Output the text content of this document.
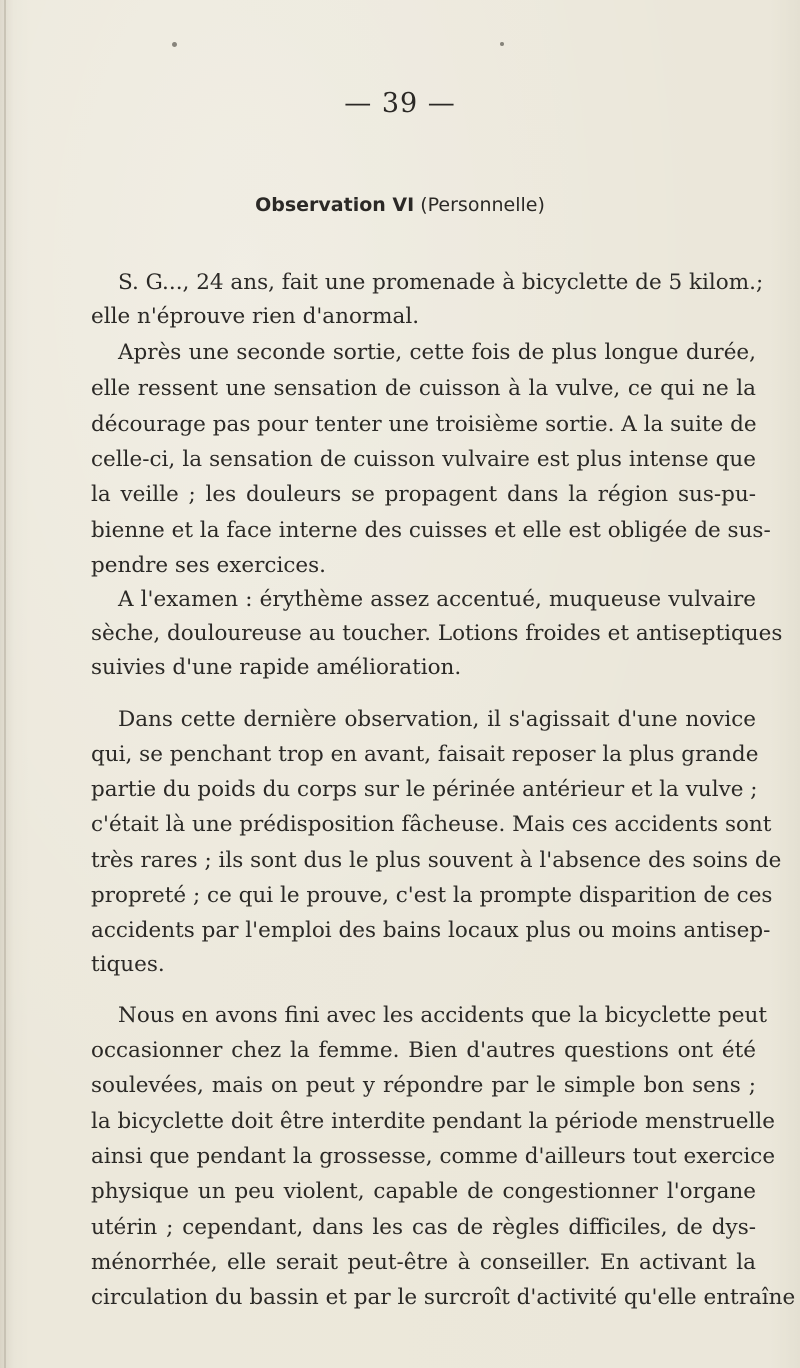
— 39 —
Observation VI (Personnelle)
S. G..., 24 ans, fait une promenade à bicyclette de 5 kilom.;
elle n'éprouve rien d'anormal.
Après une seconde sortie, cette fois de plus longue durée,
elle ressent une sensation de cuisson à la vulve, ce qui ne la
décourage pas pour tenter une troisième sortie. A la suite de
celle-ci, la sensation de cuisson vulvaire est plus intense que
la veille ; les douleurs se propagent dans la région sus-pu-
bienne et la face interne des cuisses et elle est obligée de sus-
pendre ses exercices.
A l'examen : érythème assez accentué, muqueuse vulvaire
sèche, douloureuse au toucher. Lotions froides et antiseptiques
suivies d'une rapide amélioration.
Dans cette dernière observation, il s'agissait d'une novice
qui, se penchant trop en avant, faisait reposer la plus grande
partie du poids du corps sur le périnée antérieur et la vulve ;
c'était là une prédisposition fâcheuse. Mais ces accidents sont
très rares ; ils sont dus le plus souvent à l'absence des soins de
propreté ; ce qui le prouve, c'est la prompte disparition de ces
accidents par l'emploi des bains locaux plus ou moins antisep-
tiques.
Nous en avons fini avec les accidents que la bicyclette peut
occasionner chez la femme. Bien d'autres questions ont été
soulevées, mais on peut y répondre par le simple bon sens ;
la bicyclette doit être interdite pendant la période menstruelle
ainsi que pendant la grossesse, comme d'ailleurs tout exercice
physique un peu violent, capable de congestionner l'organe
utérin ; cependant, dans les cas de règles difficiles, de dys-
ménorrhée, elle serait peut-être à conseiller. En activant la
circulation du bassin et par le surcroît d'activité qu'elle entraîne
